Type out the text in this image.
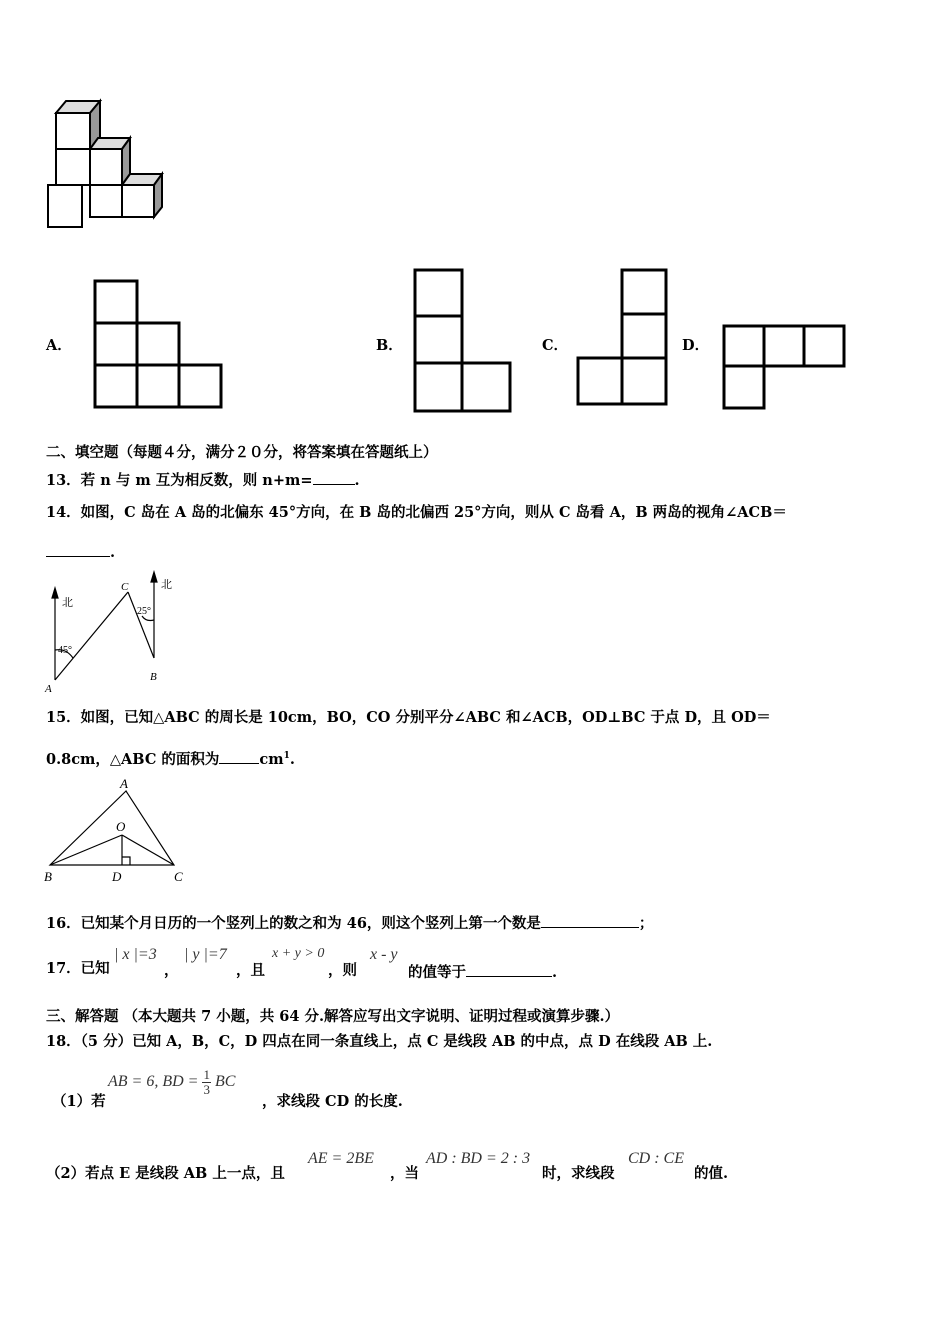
A．	B．	C．	D．
二、填空题（每题４分，满分２０分，将答案填在答题纸上）
13．若 n 与 m 互为相反数，则 n+m=	.
14．如图，C 岛在 A 岛的北偏东 45°方向，在 B 岛的北偏西 25°方向，则从 C 岛看 A，B 两岛的视角∠ACB＝
.
北
北
A
B
C
45°
25°
15．如图，已知△ABC 的周长是 10cm，BO，CO 分别平分∠ABC 和∠ACB，OD⊥BC 于点 D，且 OD＝
0.8cm，△ABC 的面积为	$cm^1$.
A
O
B	D	C
16．已知某个月日历的一个竖列上的数之和为 46，则这个竖列上第一个数是	；
17．已知
| x |=3
，
| y |=7
，且
x + y > 0
，则
x - y
的值等于	.
三、解答题 （本大题共 7 小题，共 64 分.解答应写出文字说明、证明过程或演算步骤.）
18．（5 分）已知 A，B，C，D 四点在同一条直线上，点 C 是线段 AB 的中点，点 D 在线段 AB 上.
（1）若
AB = 6, BD = $\frac{1}{3}$ BC
，求线段 CD 的长度.
（2）若点 E 是线段 AB 上一点，且
AE = 2BE
，当
AD : BD = 2 : 3
时，求线段
CD : CE
的值.
